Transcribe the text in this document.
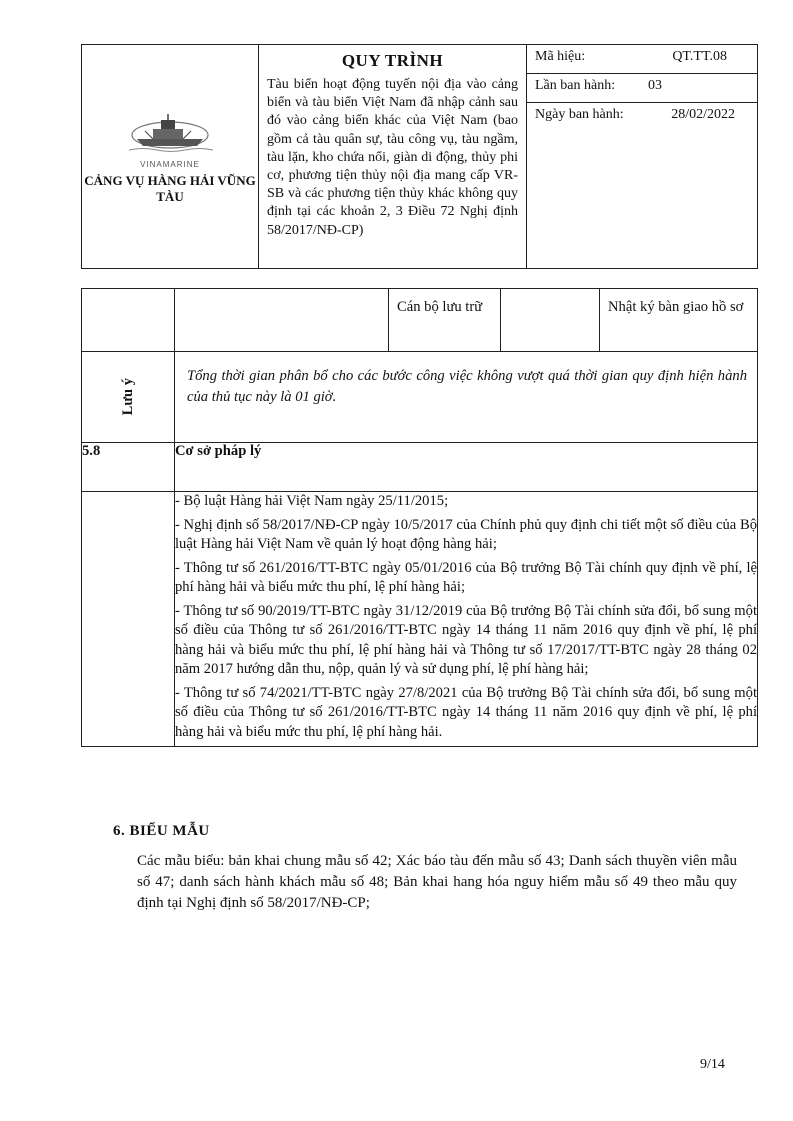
VINAMARINE
CẢNG VỤ HÀNG HẢI VŨNG TÀU

QUY TRÌNH
Tàu biển hoạt động tuyến nội địa vào cảng biển và tàu biển Việt Nam đã nhập cảnh sau đó vào cảng biển khác của Việt Nam (bao gồm cả tàu quân sự, tàu công vụ, tàu ngầm, tàu lặn, kho chứa nổi, giàn di động, thủy phi cơ, phương tiện thủy nội địa mang cấp VR-SB và các phương tiện thủy khác không quy định tại các khoản 2, 3 Điều 72 Nghị định 58/2017/NĐ-CP)

Mã hiệu:	QT.TT.08
Lần ban hành: 03
Ngày ban hành:	28/02/2022

		Cán bộ lưu trữ		Nhật ký bàn giao hồ sơ

Lưu ý	Tổng thời gian phân bổ cho các bước công việc không vượt quá thời gian quy định hiện hành của thủ tục này là 01 giờ.			

5.8	Cơ sở pháp lý			

	- Bộ luật Hàng hải Việt Nam ngày 25/11/2015;

- Nghị định số 58/2017/NĐ-CP ngày 10/5/2017 của Chính phủ quy định chi tiết một số điều của Bộ luật Hàng hải Việt Nam về quản lý hoạt động hàng hải;

- Thông tư số 261/2016/TT-BTC ngày 05/01/2016 của Bộ trưởng Bộ Tài chính quy định về phí, lệ phí hàng hải và biểu mức thu phí, lệ phí hàng hải;

- Thông tư số 90/2019/TT-BTC ngày 31/12/2019 của Bộ trưởng Bộ Tài chính sửa đổi, bổ sung một số điều của Thông tư số 261/2016/TT-BTC ngày 14 tháng 11 năm 2016 quy định về phí, lệ phí hàng hải và biểu mức thu phí, lệ phí hàng hải và Thông tư số 17/2017/TT-BTC ngày 28 tháng 02 năm 2017 hướng dẫn thu, nộp, quản lý và sử dụng phí, lệ phí hàng hải;

- Thông tư số 74/2021/TT-BTC ngày 27/8/2021 của Bộ trưởng Bộ Tài chính sửa đổi, bổ sung một số điều của Thông tư số 261/2016/TT-BTC ngày 14 tháng 11 năm 2016 quy định về phí, lệ phí hàng hải và biểu mức thu phí, lệ phí hàng hải.			

6. BIỂU MẪU
Các mẫu biểu: bản khai chung mẫu số 42; Xác báo tàu đến mẫu số 43; Danh sách thuyền viên mẫu số 47; danh sách hành khách mẫu số 48; Bản khai hang hóa nguy hiểm mẫu số 49 theo mẫu quy định tại Nghị định số 58/2017/NĐ-CP;
9/14
